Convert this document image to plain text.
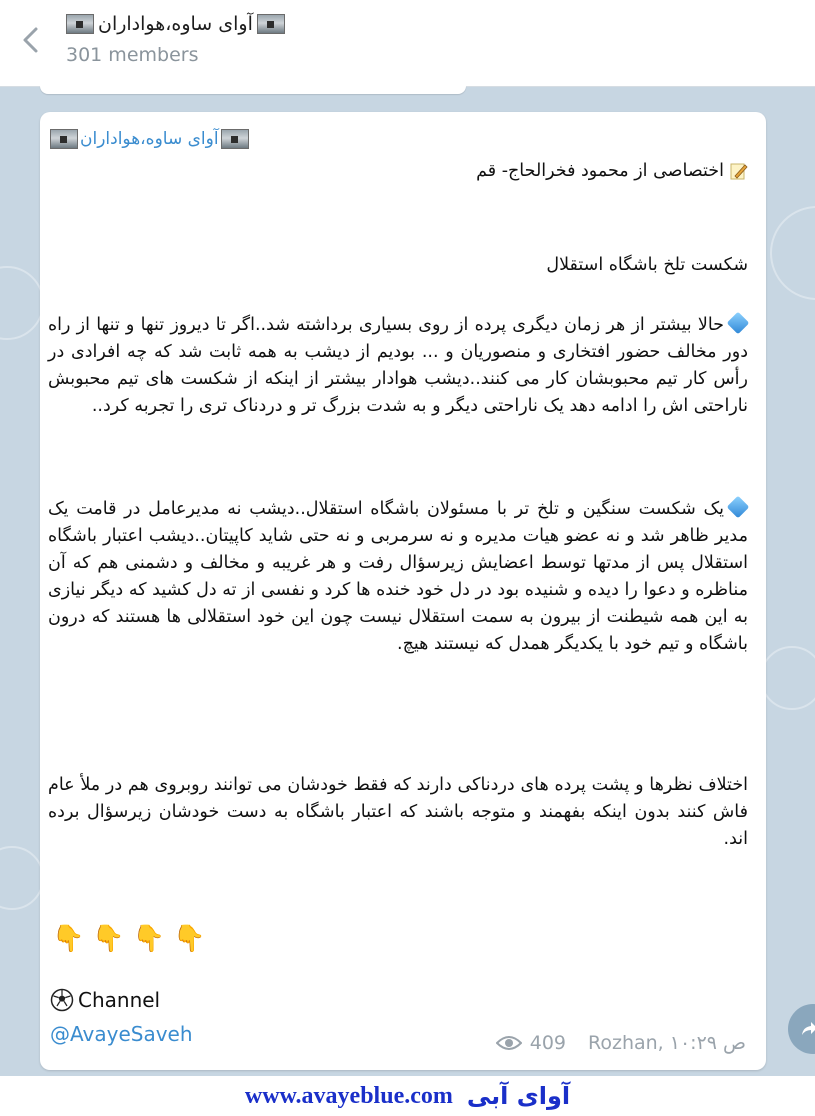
آوای ساوه،هواداران
301 members
آوای ساوه،هواداران

اختصاصی از محمود فخرالحاج- قم

شکست تلخ باشگاه استقلال

حالا بیشتر از هر زمان دیگری پرده از روی بسیاری برداشته شد..اگر تا دیروز تنها و تنها از راه دور مخالف حضور افتخاری و منصوریان و ... بودیم از دیشب به همه ثابت شد که چه افرادی در رأس کار تیم محبوبشان کار می کنند..دیشب هوادار بیشتر از اینکه از شکست های تیم محبوبش ناراحتی اش را ادامه دهد یک ناراحتی دیگر و به شدت بزرگ تر و دردناک تری را تجربه کرد..

یک شکست سنگین و تلخ تر با مسئولان باشگاه استقلال..دیشب نه مدیرعامل در قامت یک مدیر ظاهر شد و نه عضو هیات مدیره و نه سرمربی و نه حتی شاید کاپیتان..دیشب اعتبار باشگاه استقلال پس از مدتها توسط اعضایش زیرسؤال رفت و هر غریبه و مخالف و دشمنی هم که آن مناظره و دعوا را دیده و شنیده بود در دل خود خنده ها کرد و نفسی از ته دل کشید که دیگر نیازی به این همه شیطنت از بیرون به سمت استقلال نیست چون این خود استقلالی ها هستند که درون باشگاه و تیم خود با یکدیگر همدل که نیستند هیچ.

اختلاف نظرها و پشت پرده های دردناکی دارند که فقط خودشان می توانند روبروی هم در ملأ عام فاش کنند بدون اینکه بفهمند و متوجه باشند که اعتبار باشگاه به دست خودشان زیرسؤال برده اند.

👇 👇 👇 👇
Channel
@AvayeSaveh	409 Rozhan, ۱۰:۲۹ ص
www.avayeblue.com آوای آبی
